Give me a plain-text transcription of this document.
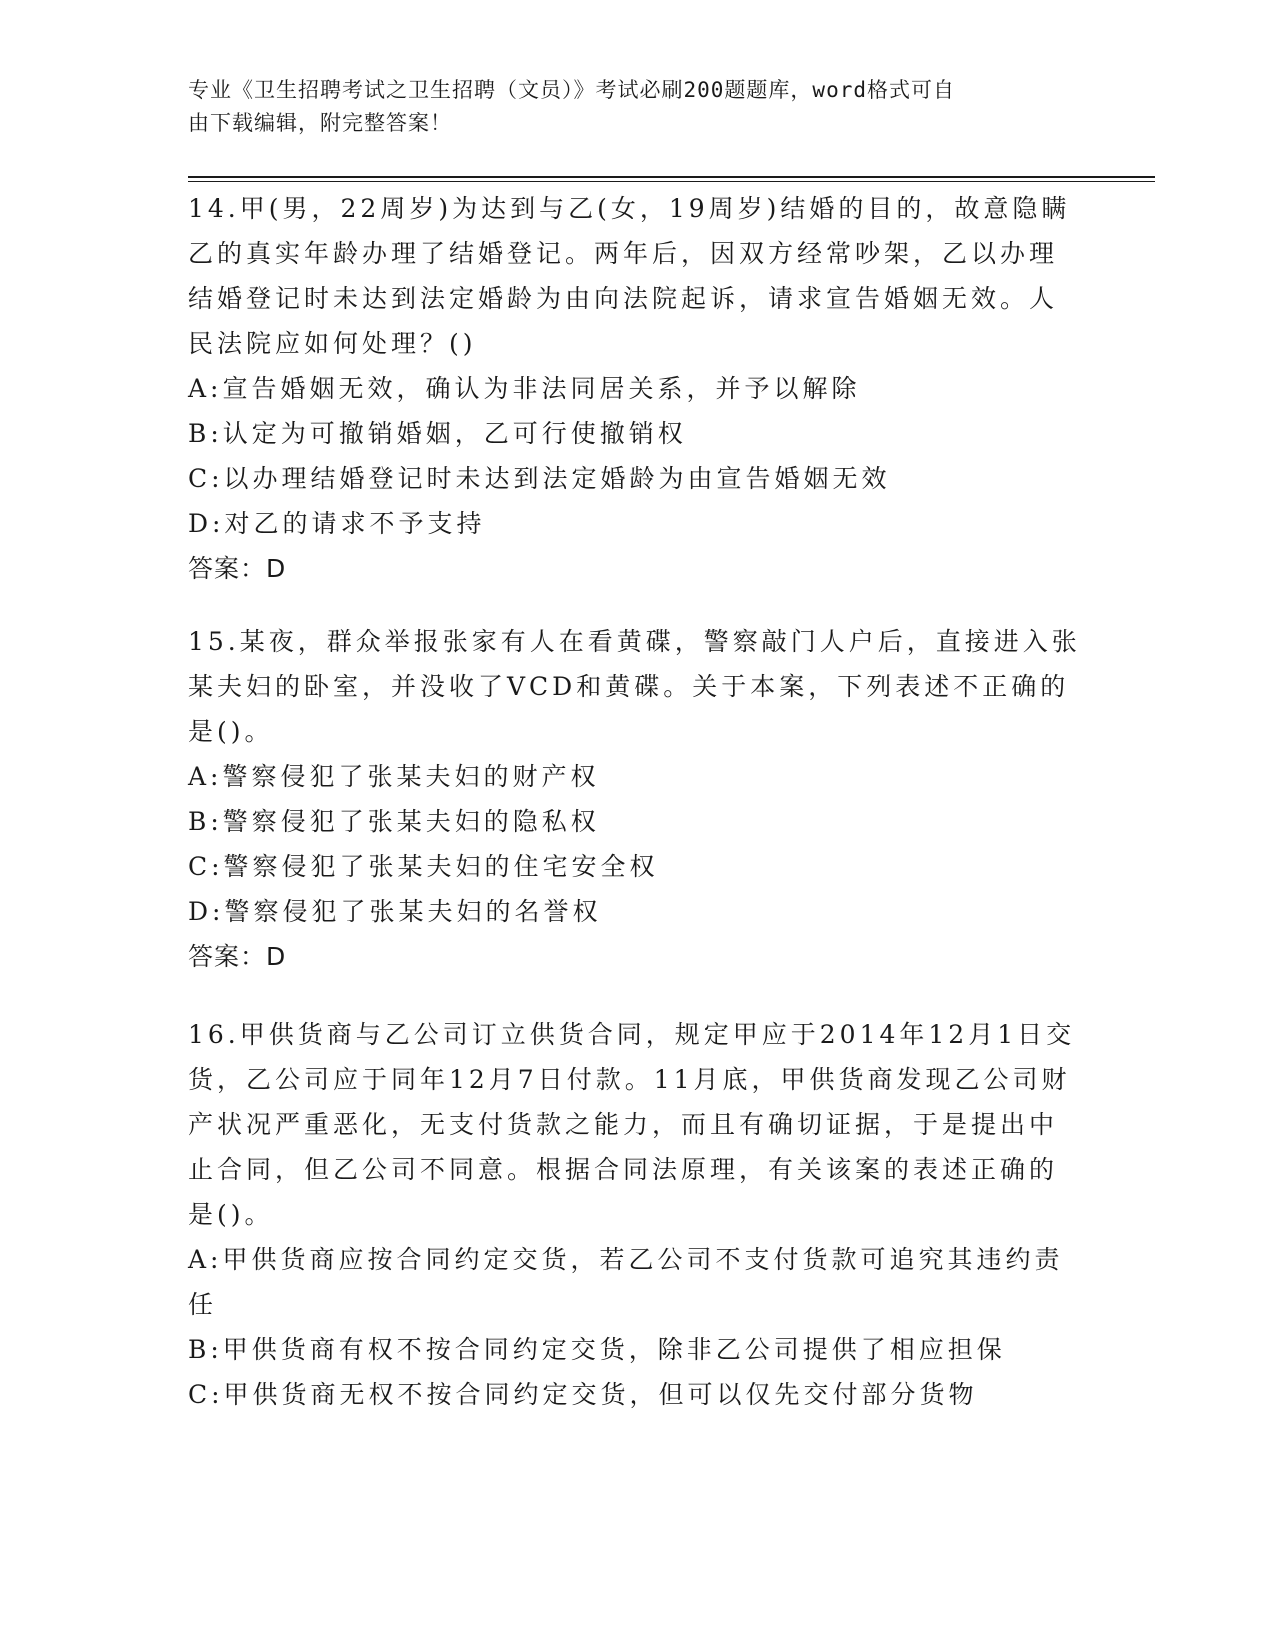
专业《卫生招聘考试之卫生招聘（文员）》考试必刷200题题库，word格式可自
由下载编辑，附完整答案！
14.甲(男，22周岁)为达到与乙(女，19周岁)结婚的目的，故意隐瞒
乙的真实年龄办理了结婚登记。两年后，因双方经常吵架，乙以办理
结婚登记时未达到法定婚龄为由向法院起诉，请求宣告婚姻无效。人
民法院应如何处理？()
A:宣告婚姻无效，确认为非法同居关系，并予以解除
B:认定为可撤销婚姻，乙可行使撤销权
C:以办理结婚登记时未达到法定婚龄为由宣告婚姻无效
D:对乙的请求不予支持
答案：D
15.某夜，群众举报张家有人在看黄碟，警察敲门人户后，直接进入张
某夫妇的卧室，并没收了VCD和黄碟。关于本案，下列表述不正确的
是()。
A:警察侵犯了张某夫妇的财产权
B:警察侵犯了张某夫妇的隐私权
C:警察侵犯了张某夫妇的住宅安全权
D:警察侵犯了张某夫妇的名誉权
答案：D
16.甲供货商与乙公司订立供货合同，规定甲应于2014年12月1日交
货，乙公司应于同年12月7日付款。11月底，甲供货商发现乙公司财
产状况严重恶化，无支付货款之能力，而且有确切证据，于是提出中
止合同，但乙公司不同意。根据合同法原理，有关该案的表述正确的
是()。
A:甲供货商应按合同约定交货，若乙公司不支付货款可追究其违约责
任
B:甲供货商有权不按合同约定交货，除非乙公司提供了相应担保
C:甲供货商无权不按合同约定交货，但可以仅先交付部分货物
